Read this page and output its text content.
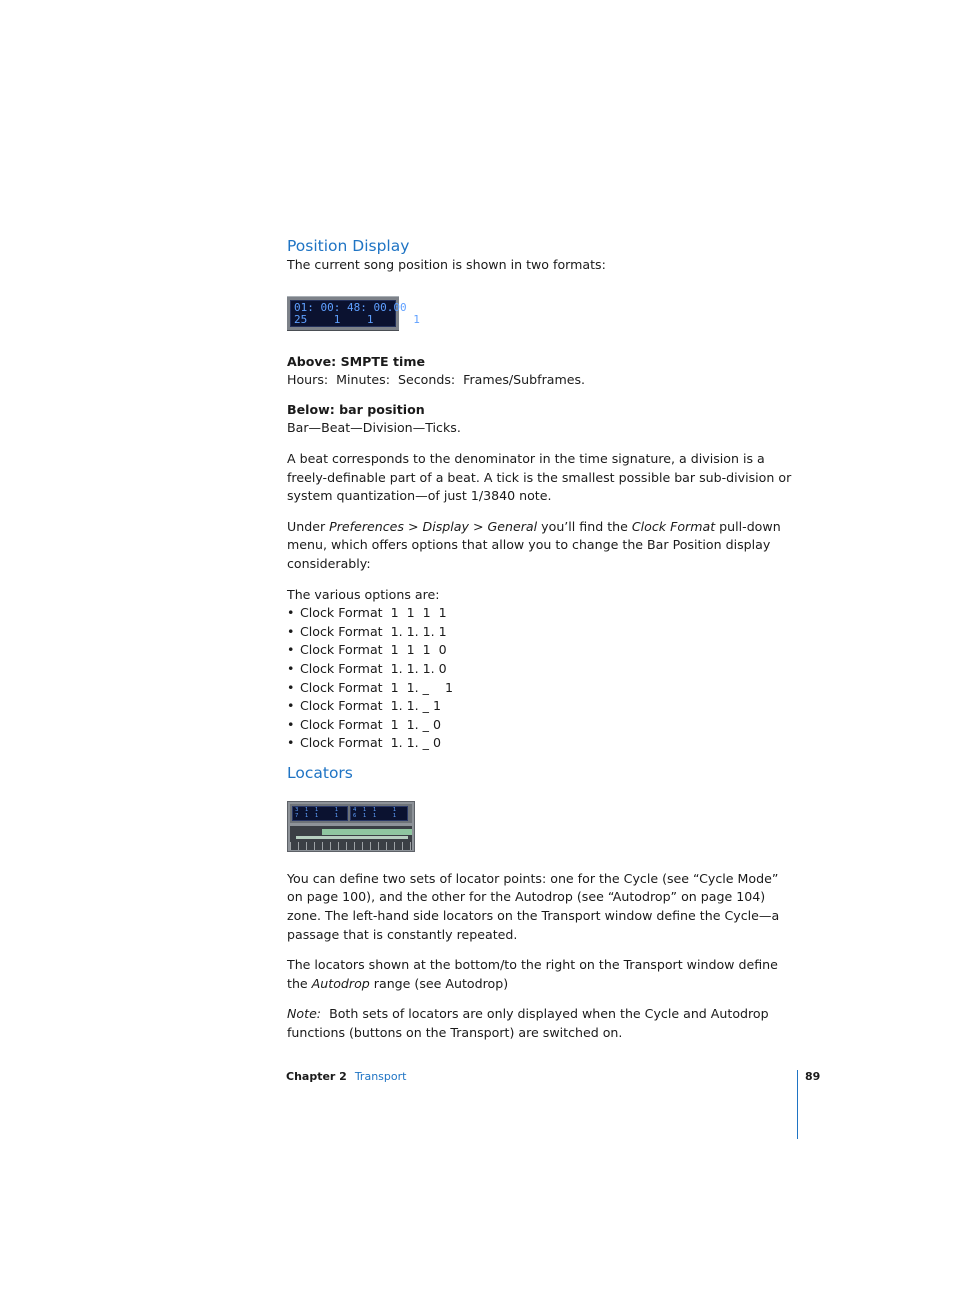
Position Display

The current song position is shown in two formats:

01: 00: 48: 00.00
25    1    1      1

Above: SMPTE time

Hours:  Minutes:  Seconds:  Frames/Subframes.

Below: bar position

Bar—Beat—Division—Ticks.

A beat corresponds to the denominator in the time signature, a division is a freely-definable part of a beat. A tick is the smallest possible bar sub-division or system quantization—of just 1/3840 note.

Under Preferences > Display > General you’ll find the Clock Format pull-down menu, which offers options that allow you to change the Bar Position display considerably:

The various options are:

• Clock Format  1  1  1  1
• Clock Format  1. 1. 1. 1
• Clock Format  1  1  1  0
• Clock Format  1. 1. 1. 0
• Clock Format  1  1. _    1
• Clock Format  1. 1. _ 1
• Clock Format  1  1. _ 0
• Clock Format  1. 1. _ 0
Locators
3  1  1     1
7  1  1     1
4  1  1     1
6  1  1     1

You can define two sets of locator points: one for the Cycle (see “Cycle Mode” on page 100), and the other for the Autodrop (see “Autodrop” on page 104) zone. The left-hand side locators on the Transport window define the Cycle—a passage that is constantly repeated.

The locators shown at the bottom/to the right on the Transport window define the Autodrop range (see Autodrop)

Note:  Both sets of locators are only displayed when the Cycle and Autodrop functions (buttons on the Transport) are switched on.

Chapter 2 Transport	89
